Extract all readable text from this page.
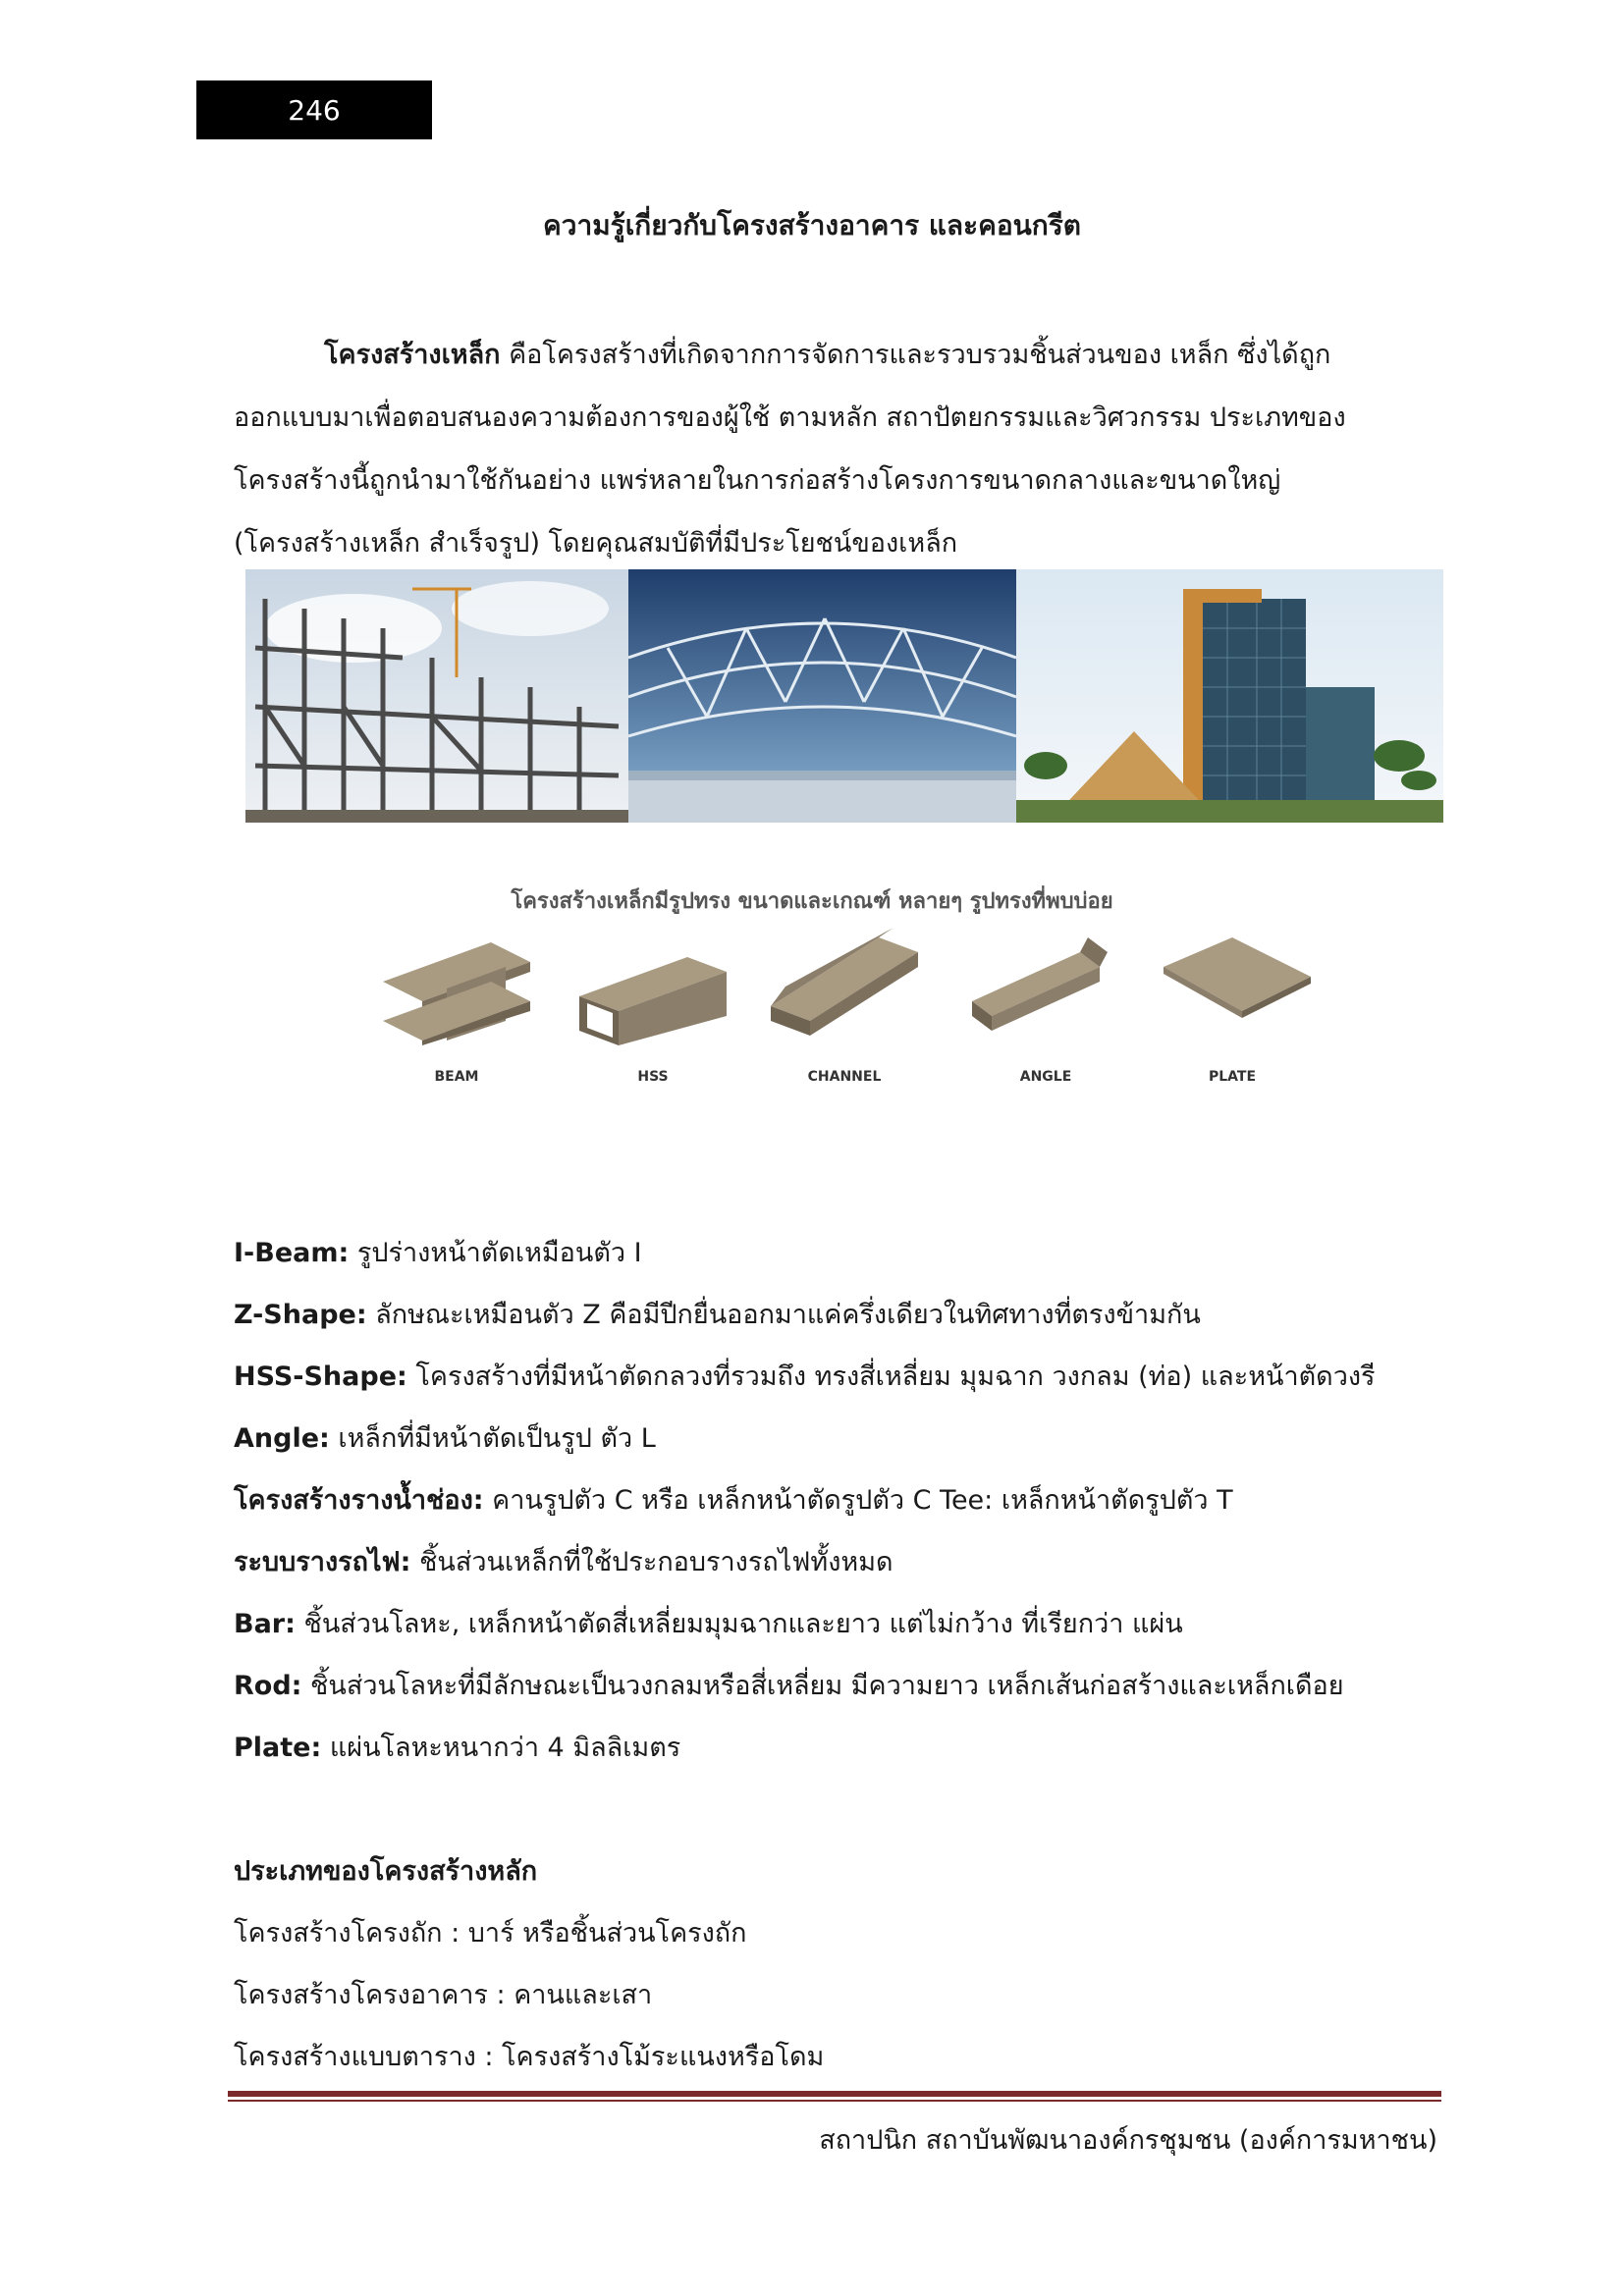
246
ความรู้เกี่ยวกับโครงสร้างอาคาร และคอนกรีต

โครงสร้างเหล็ก คือโครงสร้างที่เกิดจากการจัดการและรวบรวมชิ้นส่วนของ เหล็ก ซึ่งได้ถูกออกแบบมาเพื่อตอบสนองความต้องการของผู้ใช้ ตามหลัก สถาปัตยกรรมและวิศวกรรม ประเภทของโครงสร้างนี้ถูกนำมาใช้กันอย่าง แพร่หลายในการก่อสร้างโครงการขนาดกลางและขนาดใหญ่ (โครงสร้างเหล็ก สำเร็จรูป) โดยคุณสมบัติที่มีประโยชน์ของเหล็ก

โครงสร้างเหล็กมีรูปทรง ขนาดและเกณฑ์ หลายๆ รูปทรงที่พบบ่อย
BEAM	HSS	CHANNEL	ANGLE	PLATE
I-Beam: รูปร่างหน้าตัดเหมือนตัว I
Z-Shape: ลักษณะเหมือนตัว Z คือมีปีกยื่นออกมาแค่ครึ่งเดียวในทิศทางที่ตรงข้ามกัน
HSS-Shape: โครงสร้างที่มีหน้าตัดกลวงที่รวมถึง ทรงสี่เหลี่ยม มุมฉาก วงกลม (ท่อ) และหน้าตัดวงรี
Angle: เหล็กที่มีหน้าตัดเป็นรูป ตัว L
โครงสร้างรางน้ำช่อง: คานรูปตัว C หรือ เหล็กหน้าตัดรูปตัว C Tee: เหล็กหน้าตัดรูปตัว T
ระบบรางรถไฟ: ชิ้นส่วนเหล็กที่ใช้ประกอบรางรถไฟทั้งหมด
Bar: ชิ้นส่วนโลหะ, เหล็กหน้าตัดสี่เหลี่ยมมุมฉากและยาว แต่ไม่กว้าง ที่เรียกว่า แผ่น
Rod: ชิ้นส่วนโลหะที่มีลักษณะเป็นวงกลมหรือสี่เหลี่ยม มีความยาว เหล็กเส้นก่อสร้างและเหล็กเดือย
Plate: แผ่นโลหะหนากว่า 4 มิลลิเมตร
ประเภทของโครงสร้างหลัก
โครงสร้างโครงถัก : บาร์ หรือชิ้นส่วนโครงถัก
โครงสร้างโครงอาคาร : คานและเสา
โครงสร้างแบบตาราง : โครงสร้างโม้ระแนงหรือโดม
สถาปนิก สถาบันพัฒนาองค์กรชุมชน (องค์การมหาชน)
